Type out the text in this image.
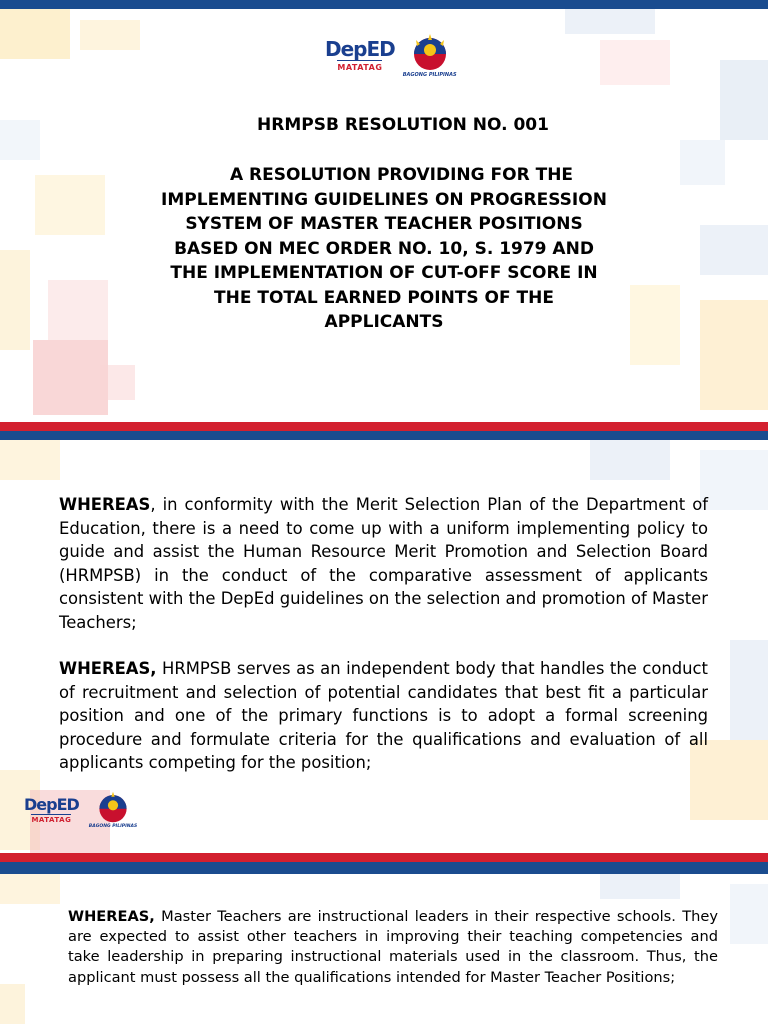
DepED
MATATAG
BAGONG PILIPINAS
HRMPSB RESOLUTION NO. 001
A RESOLUTION PROVIDING FOR THE
IMPLEMENTING GUIDELINES ON PROGRESSION
SYSTEM OF MASTER TEACHER POSITIONS
BASED ON MEC ORDER NO. 10, S. 1979 AND
THE IMPLEMENTATION OF CUT-OFF SCORE IN
THE TOTAL EARNED POINTS OF THE
APPLICANTS
WHEREAS, in conformity with the Merit Selection Plan of the Department of Education, there is a need to come up with a uniform implementing policy to guide and assist the Human Resource Merit Promotion and Selection Board (HRMPSB) in the conduct of the comparative assessment of applicants consistent with the DepEd guidelines on the selection and promotion of Master Teachers;
WHEREAS, HRMPSB serves as an independent body that handles the conduct of recruitment and selection of potential candidates that best fit a particular position and one of the primary functions is to adopt a formal screening procedure and formulate criteria for the qualifications and evaluation of all applicants competing for the position;
DepED
MATATAG
BAGONG PILIPINAS
WHEREAS, Master Teachers are instructional leaders in their respective schools. They are expected to assist other teachers in improving their teaching competencies and take leadership in preparing instructional materials used in the classroom. Thus, the applicant must possess all the qualifications intended for Master Teacher Positions;
